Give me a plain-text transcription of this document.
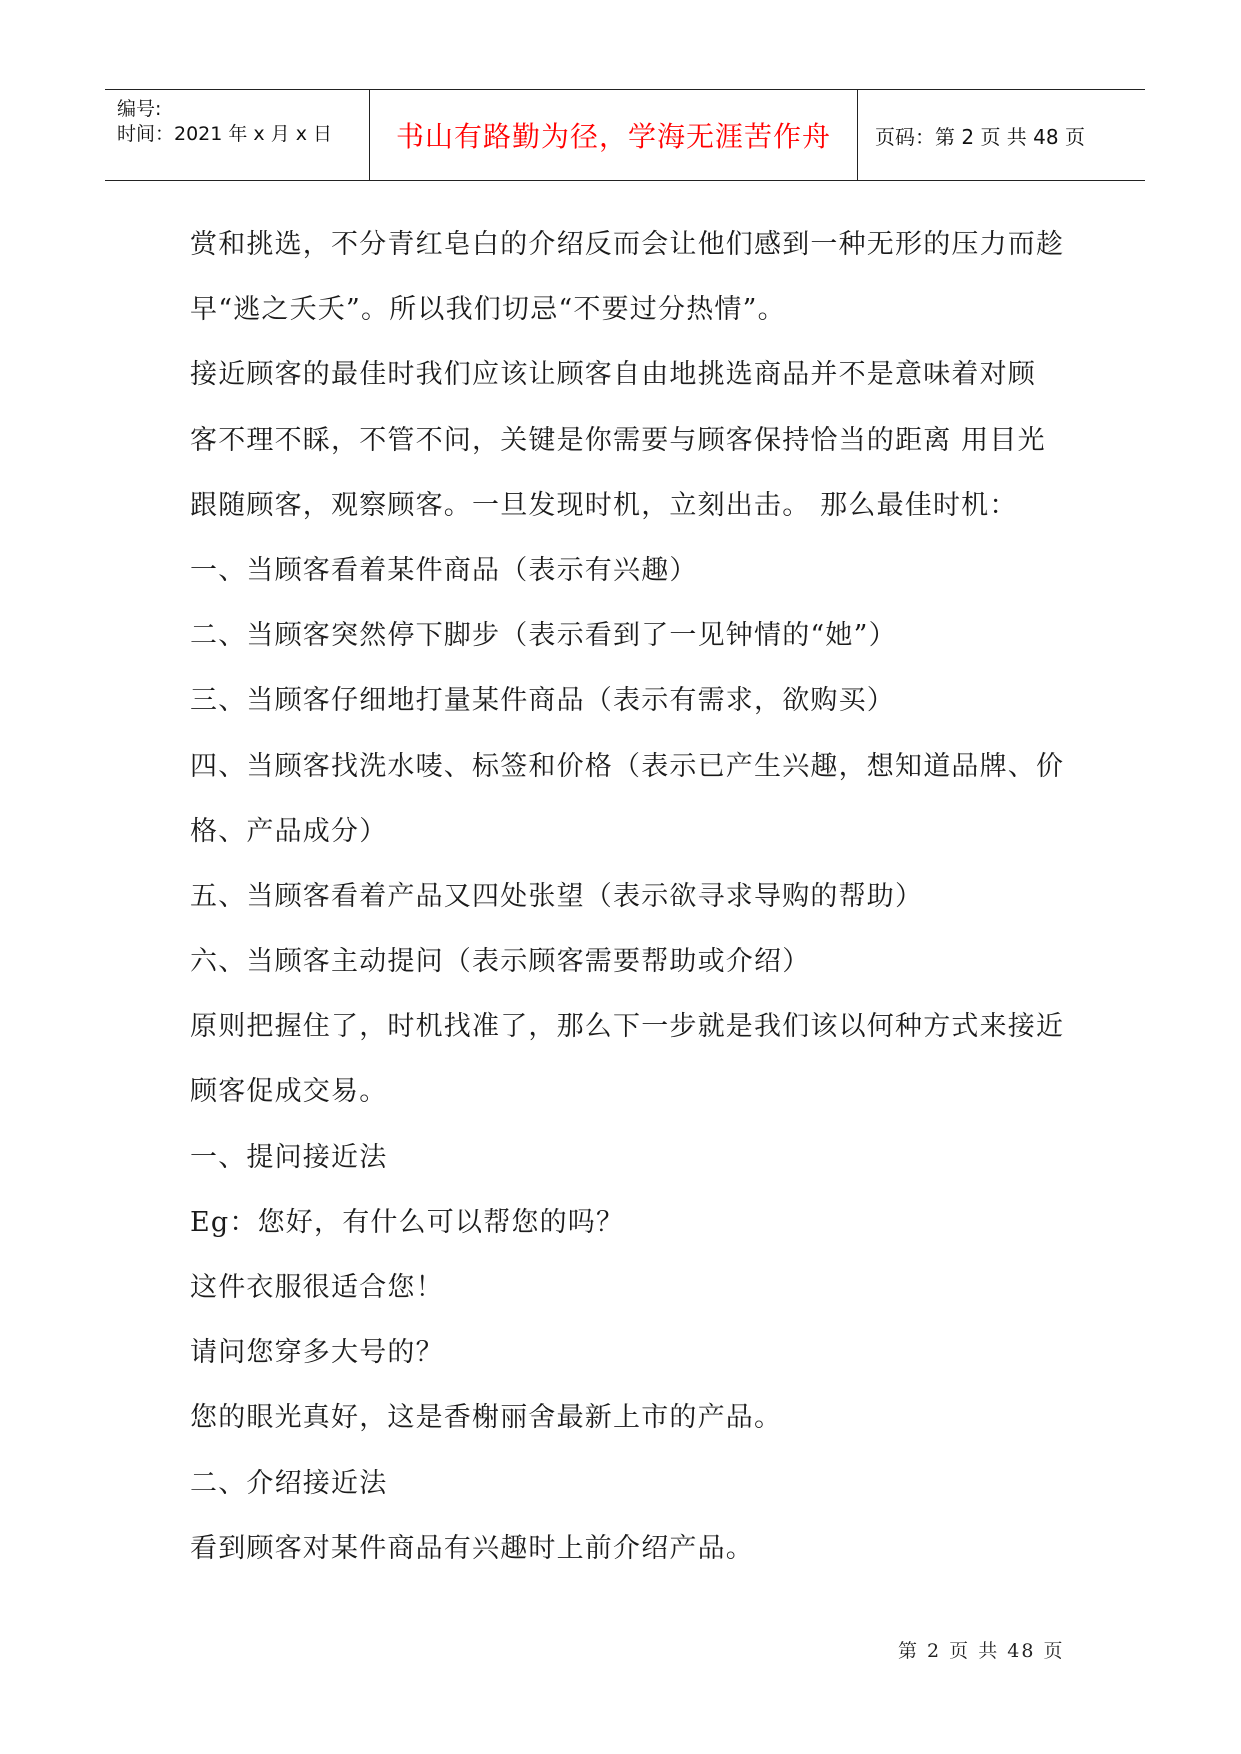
编号:
时间：2021 年 x 月 x 日 书山有路勤为径，学海无涯苦作舟 页码：第 2 页 共 48 页
赏和挑选，不分青红皂白的介绍反而会让他们感到一种无形的压力而趁
早“逃之夭夭”。所以我们切忌“不要过分热情”。
接近顾客的最佳时我们应该让顾客自由地挑选商品并不是意味着对顾
客不理不睬，不管不问，关键是你需要与顾客保持恰当的距离 用目光
跟随顾客，观察顾客。一旦发现时机，立刻出击。 那么最佳时机：
一、当顾客看着某件商品（表示有兴趣）
二、当顾客突然停下脚步（表示看到了一见钟情的“她”）
三、当顾客仔细地打量某件商品（表示有需求，欲购买）
四、当顾客找洗水唛、标签和价格（表示已产生兴趣，想知道品牌、价
格、产品成分）
五、当顾客看着产品又四处张望（表示欲寻求导购的帮助）
六、当顾客主动提问（表示顾客需要帮助或介绍）
原则把握住了，时机找准了，那么下一步就是我们该以何种方式来接近
顾客促成交易。
一、提问接近法
Eg：您好，有什么可以帮您的吗？
这件衣服很适合您！
请问您穿多大号的？
您的眼光真好，这是香榭丽舍最新上市的产品。
二、介绍接近法
看到顾客对某件商品有兴趣时上前介绍产品。
第 2 页 共 48 页
